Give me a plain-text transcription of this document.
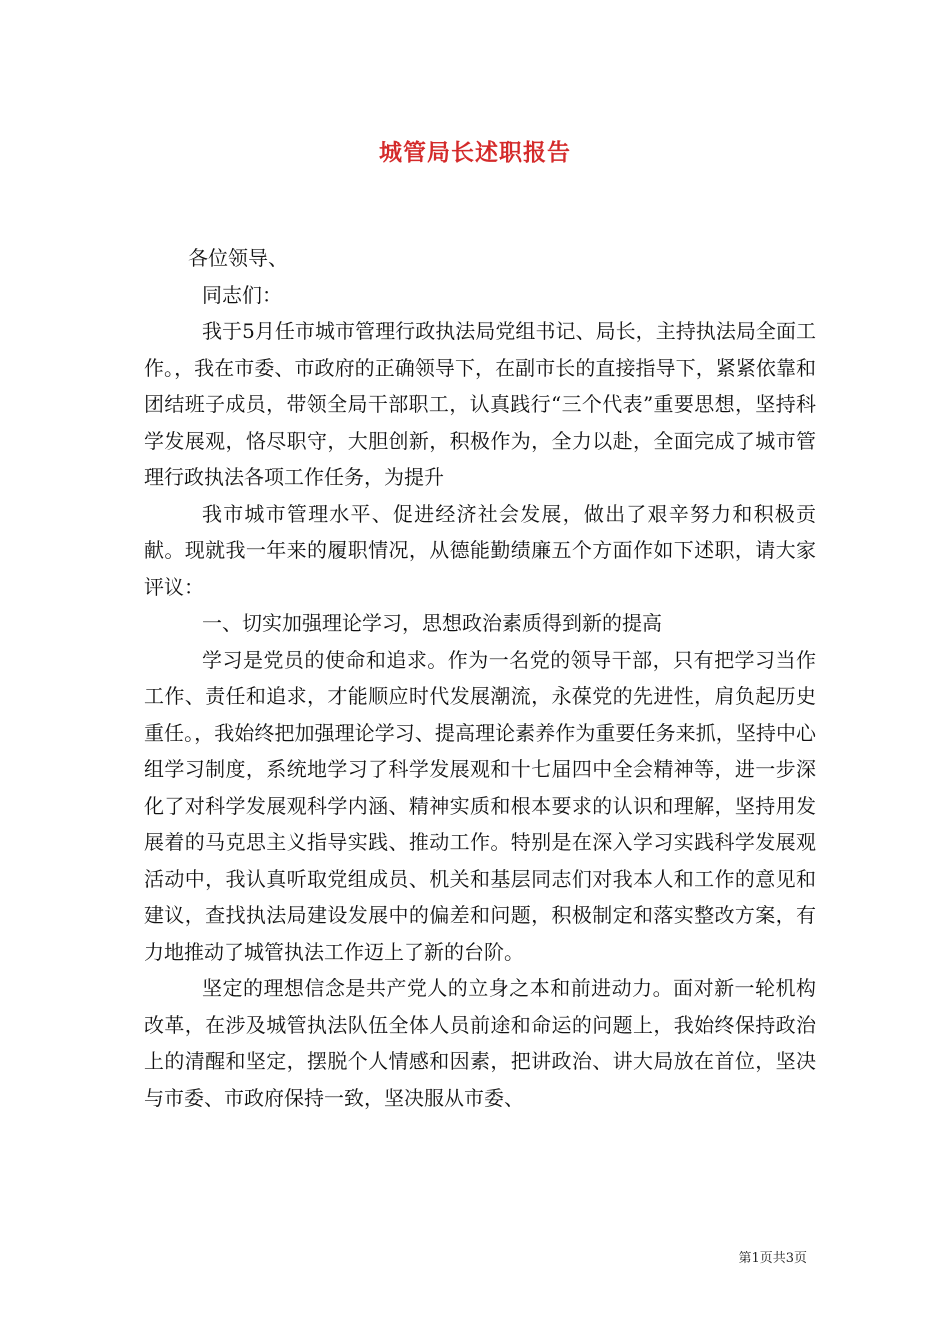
城管局长述职报告

各位领导、

同志们：

我于5月任市城市管理行政执法局党组书记、局长，主持执法局全面工作。，我在市委、市政府的正确领导下，在副市长的直接指导下，紧紧依靠和团结班子成员，带领全局干部职工，认真践行“三个代表”重要思想，坚持科学发展观，恪尽职守，大胆创新，积极作为，全力以赴，全面完成了城市管理行政执法各项工作任务，为提升

我市城市管理水平、促进经济社会发展，做出了艰辛努力和积极贡献。现就我一年来的履职情况，从德能勤绩廉五个方面作如下述职，请大家评议：

一、切实加强理论学习，思想政治素质得到新的提高

学习是党员的使命和追求。作为一名党的领导干部，只有把学习当作工作、责任和追求，才能顺应时代发展潮流，永葆党的先进性，肩负起历史重任。，我始终把加强理论学习、提高理论素养作为重要任务来抓，坚持中心组学习制度，系统地学习了科学发展观和十七届四中全会精神等，进一步深化了对科学发展观科学内涵、精神实质和根本要求的认识和理解，坚持用发展着的马克思主义指导实践、推动工作。特别是在深入学习实践科学发展观活动中，我认真听取党组成员、机关和基层同志们对我本人和工作的意见和建议，查找执法局建设发展中的偏差和问题，积极制定和落实整改方案，有力地推动了城管执法工作迈上了新的台阶。

坚定的理想信念是共产党人的立身之本和前进动力。面对新一轮机构改革，在涉及城管执法队伍全体人员前途和命运的问题上，我始终保持政治上的清醒和坚定，摆脱个人情感和因素，把讲政治、讲大局放在首位，坚决与市委、市政府保持一致，坚决服从市委、

第1页共3页
